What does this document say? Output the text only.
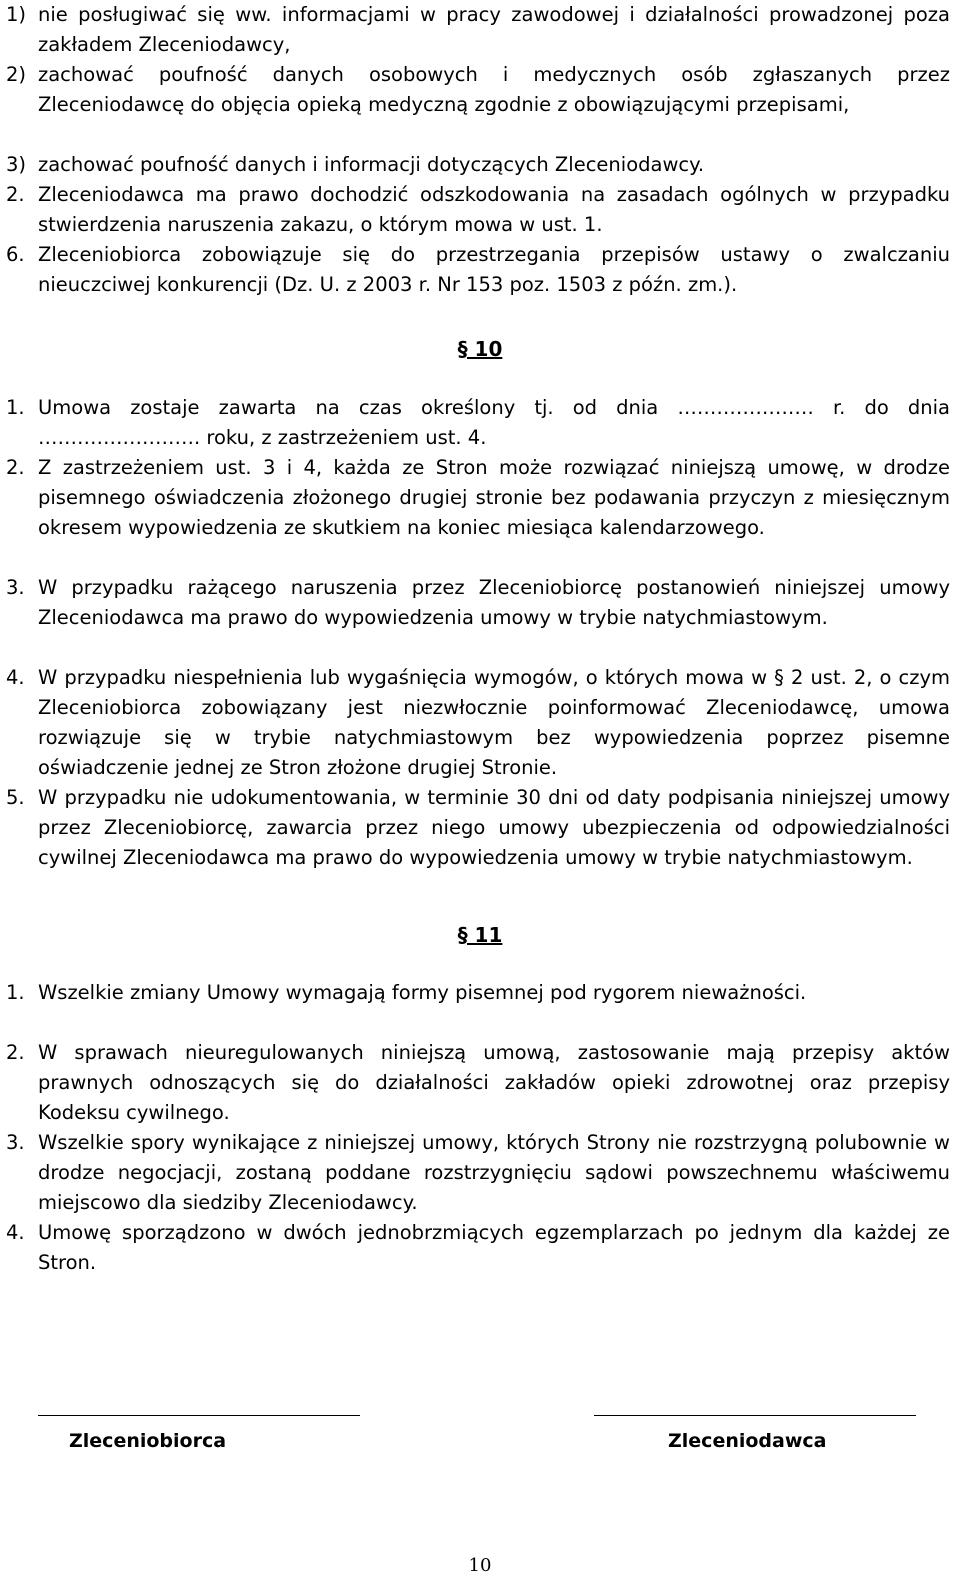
1) nie posługiwać się ww. informacjami w pracy zawodowej i działalności prowadzonej poza zakładem Zleceniodawcy,
2) zachować poufność danych osobowych i medycznych osób zgłaszanych przez Zleceniodawcę do objęcia opieką medyczną zgodnie z obowiązującymi przepisami,
3) zachować poufność danych i informacji dotyczących Zleceniodawcy.
2. Zleceniodawca ma prawo dochodzić odszkodowania na zasadach ogólnych w przypadku stwierdzenia naruszenia zakazu, o którym mowa w ust. 1.
6. Zleceniobiorca zobowiązuje się do przestrzegania przepisów ustawy o zwalczaniu nieuczciwej konkurencji (Dz. U. z 2003 r. Nr 153 poz. 1503 z późn. zm.).
§ 10
1. Umowa zostaje zawarta na czas określony tj. od dnia ………………… r. do dnia ……………………. roku, z zastrzeżeniem ust. 4.
2. Z zastrzeżeniem ust. 3 i 4, każda ze Stron może rozwiązać niniejszą umowę, w drodze pisemnego oświadczenia złożonego drugiej stronie bez podawania przyczyn z miesięcznym okresem wypowiedzenia ze skutkiem na koniec miesiąca kalendarzowego.
3. W przypadku rażącego naruszenia przez Zleceniobiorcę postanowień niniejszej umowy Zleceniodawca ma prawo do wypowiedzenia umowy w trybie natychmiastowym.
4. W przypadku niespełnienia lub wygaśnięcia wymogów, o których mowa w § 2 ust. 2, o czym Zleceniobiorca zobowiązany jest niezwłocznie poinformować Zleceniodawcę, umowa rozwiązuje się w trybie natychmiastowym bez wypowiedzenia poprzez pisemne oświadczenie jednej ze Stron złożone drugiej Stronie.
5. W przypadku nie udokumentowania, w terminie 30 dni od daty podpisania niniejszej umowy przez Zleceniobiorcę, zawarcia przez niego umowy ubezpieczenia od odpowiedzialności cywilnej Zleceniodawca ma prawo do wypowiedzenia umowy w trybie natychmiastowym.
§ 11
1. Wszelkie zmiany Umowy wymagają formy pisemnej pod rygorem nieważności.
2. W sprawach nieuregulowanych niniejszą umową, zastosowanie mają przepisy aktów prawnych odnoszących się do działalności zakładów opieki zdrowotnej oraz przepisy Kodeksu cywilnego.
3. Wszelkie spory wynikające z niniejszej umowy, których Strony nie rozstrzygną polubownie w drodze negocjacji, zostaną poddane rozstrzygnięciu sądowi powszechnemu właściwemu miejscowo dla siedziby Zleceniodawcy.
4. Umowę sporządzono w dwóch jednobrzmiących egzemplarzach po jednym dla każdej ze Stron.
Zleceniobiorca	Zleceniodawca
10
